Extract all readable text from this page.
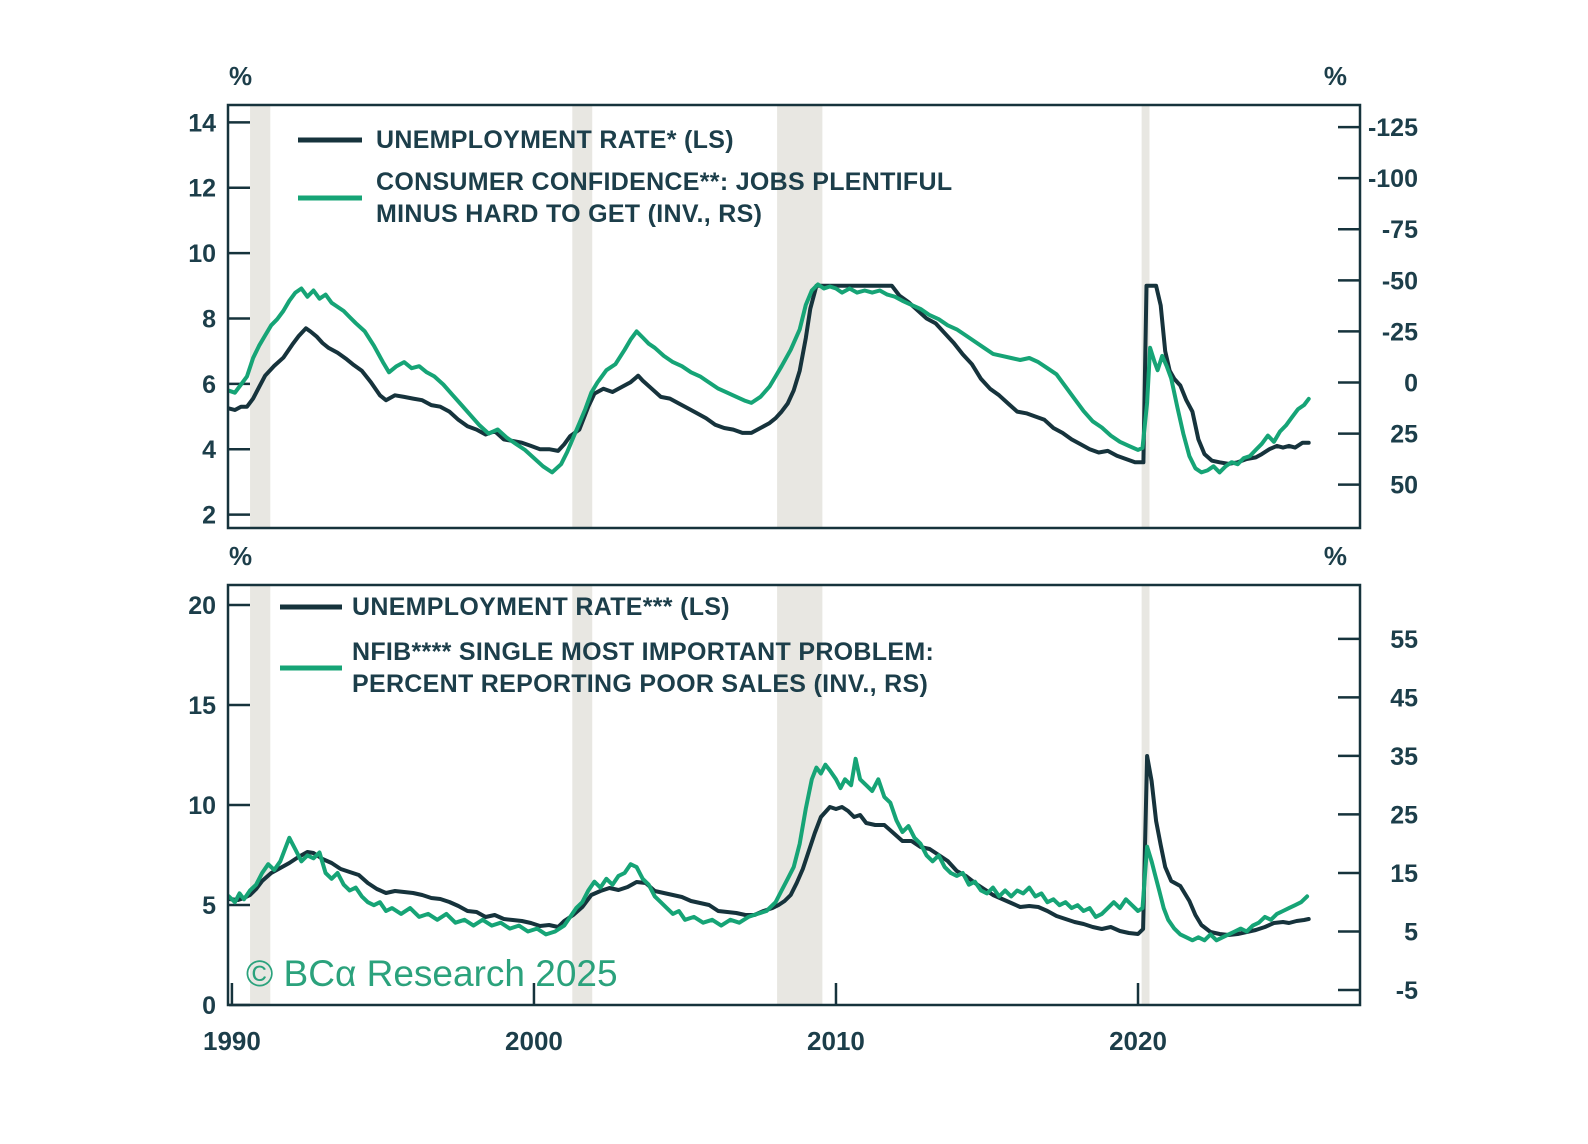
14
12
10
8
6
4
2
-125
-100
-75
-50
-25
0
25
50
%	%
UNEMPLOYMENT RATE* (LS)
CONSUMER CONFIDENCE**: JOBS PLENTIFUL
MINUS HARD TO GET (INV., RS)
20
15
10
5
0
55
45
35
25
15
5
-5
1990	2000	2010	2020
%	%
UNEMPLOYMENT RATE*** (LS)
NFIB**** SINGLE MOST IMPORTANT PROBLEM:
PERCENT REPORTING POOR SALES (INV., RS)
© BCα Research 2025
